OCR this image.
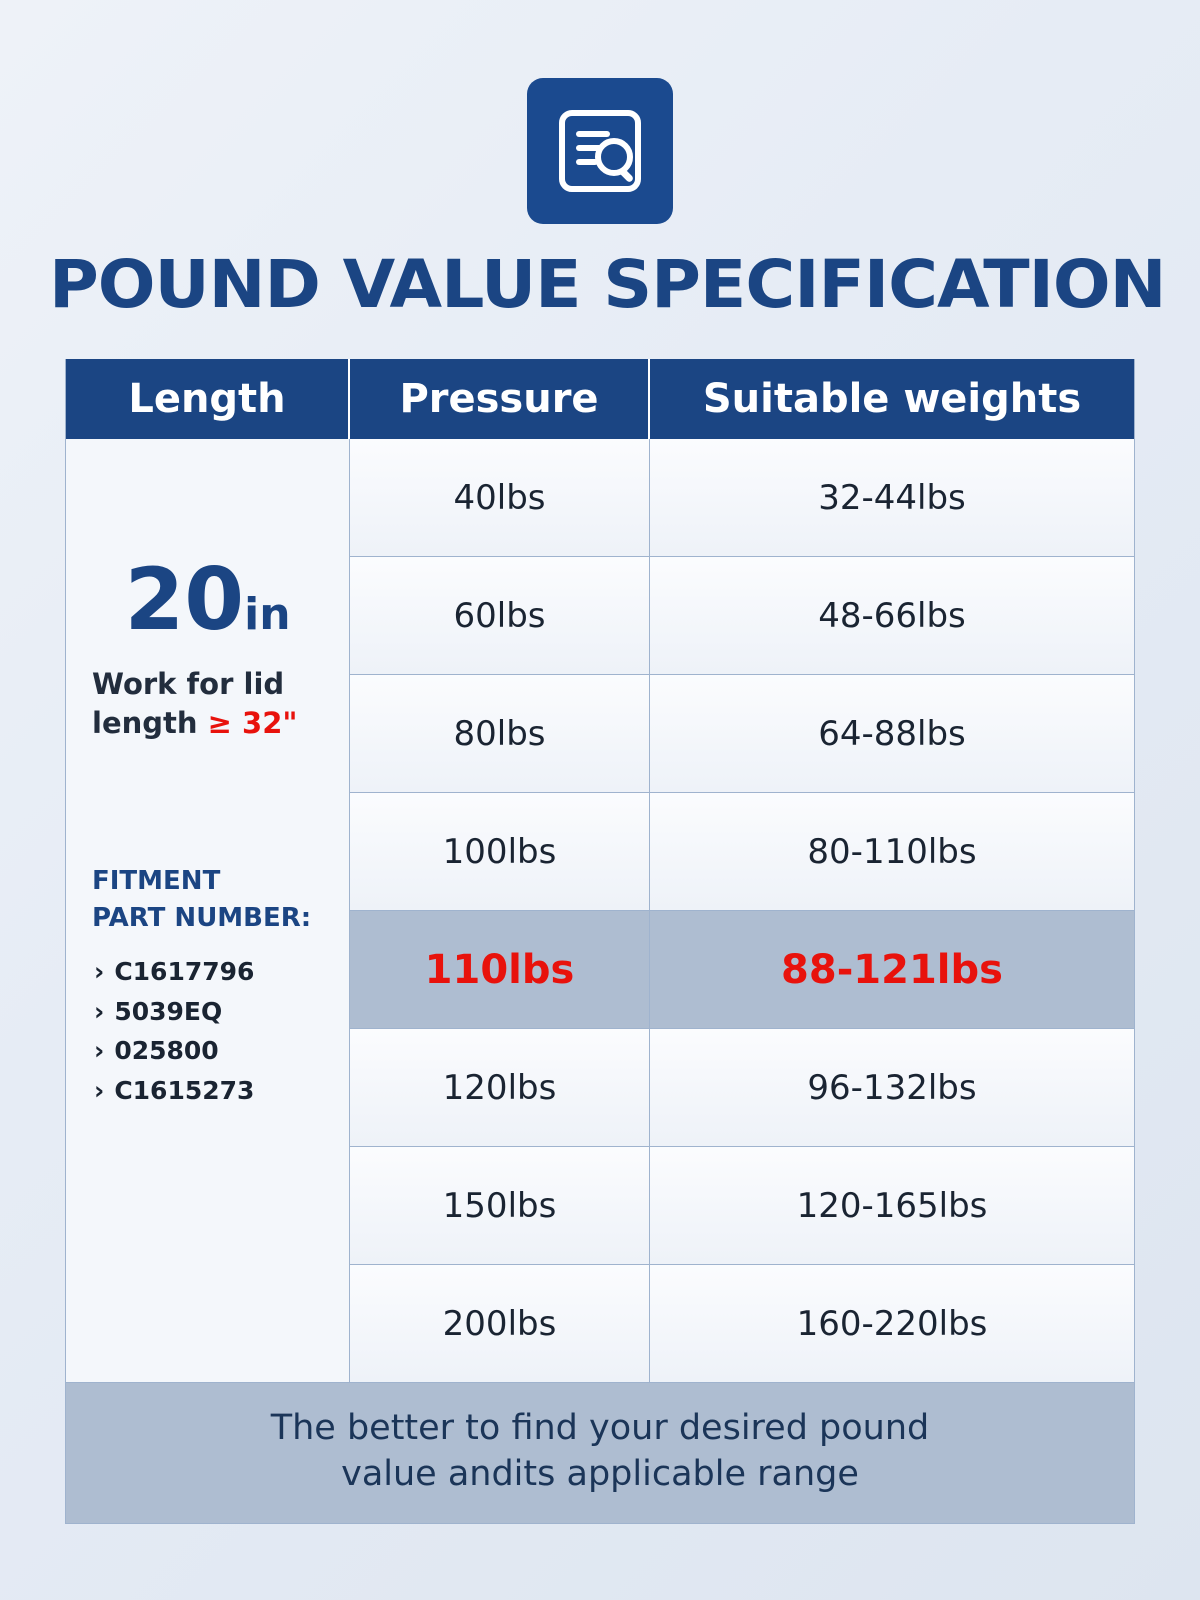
POUND VALUE SPECIFICATION
Length	Pressure	Suitable weights
20in
Work for lid
length ≥ 32"
FITMENT
PART NUMBER:
› C1617796
› 5039EQ
› 025800
› C1615273
40lbs	32-44lbs
60lbs	48-66lbs
80lbs	64-88lbs
100lbs	80-110lbs
110lbs	88-121lbs
120lbs	96-132lbs
150lbs	120-165lbs
200lbs	160-220lbs
The better to find your desired pound
value andits applicable range
